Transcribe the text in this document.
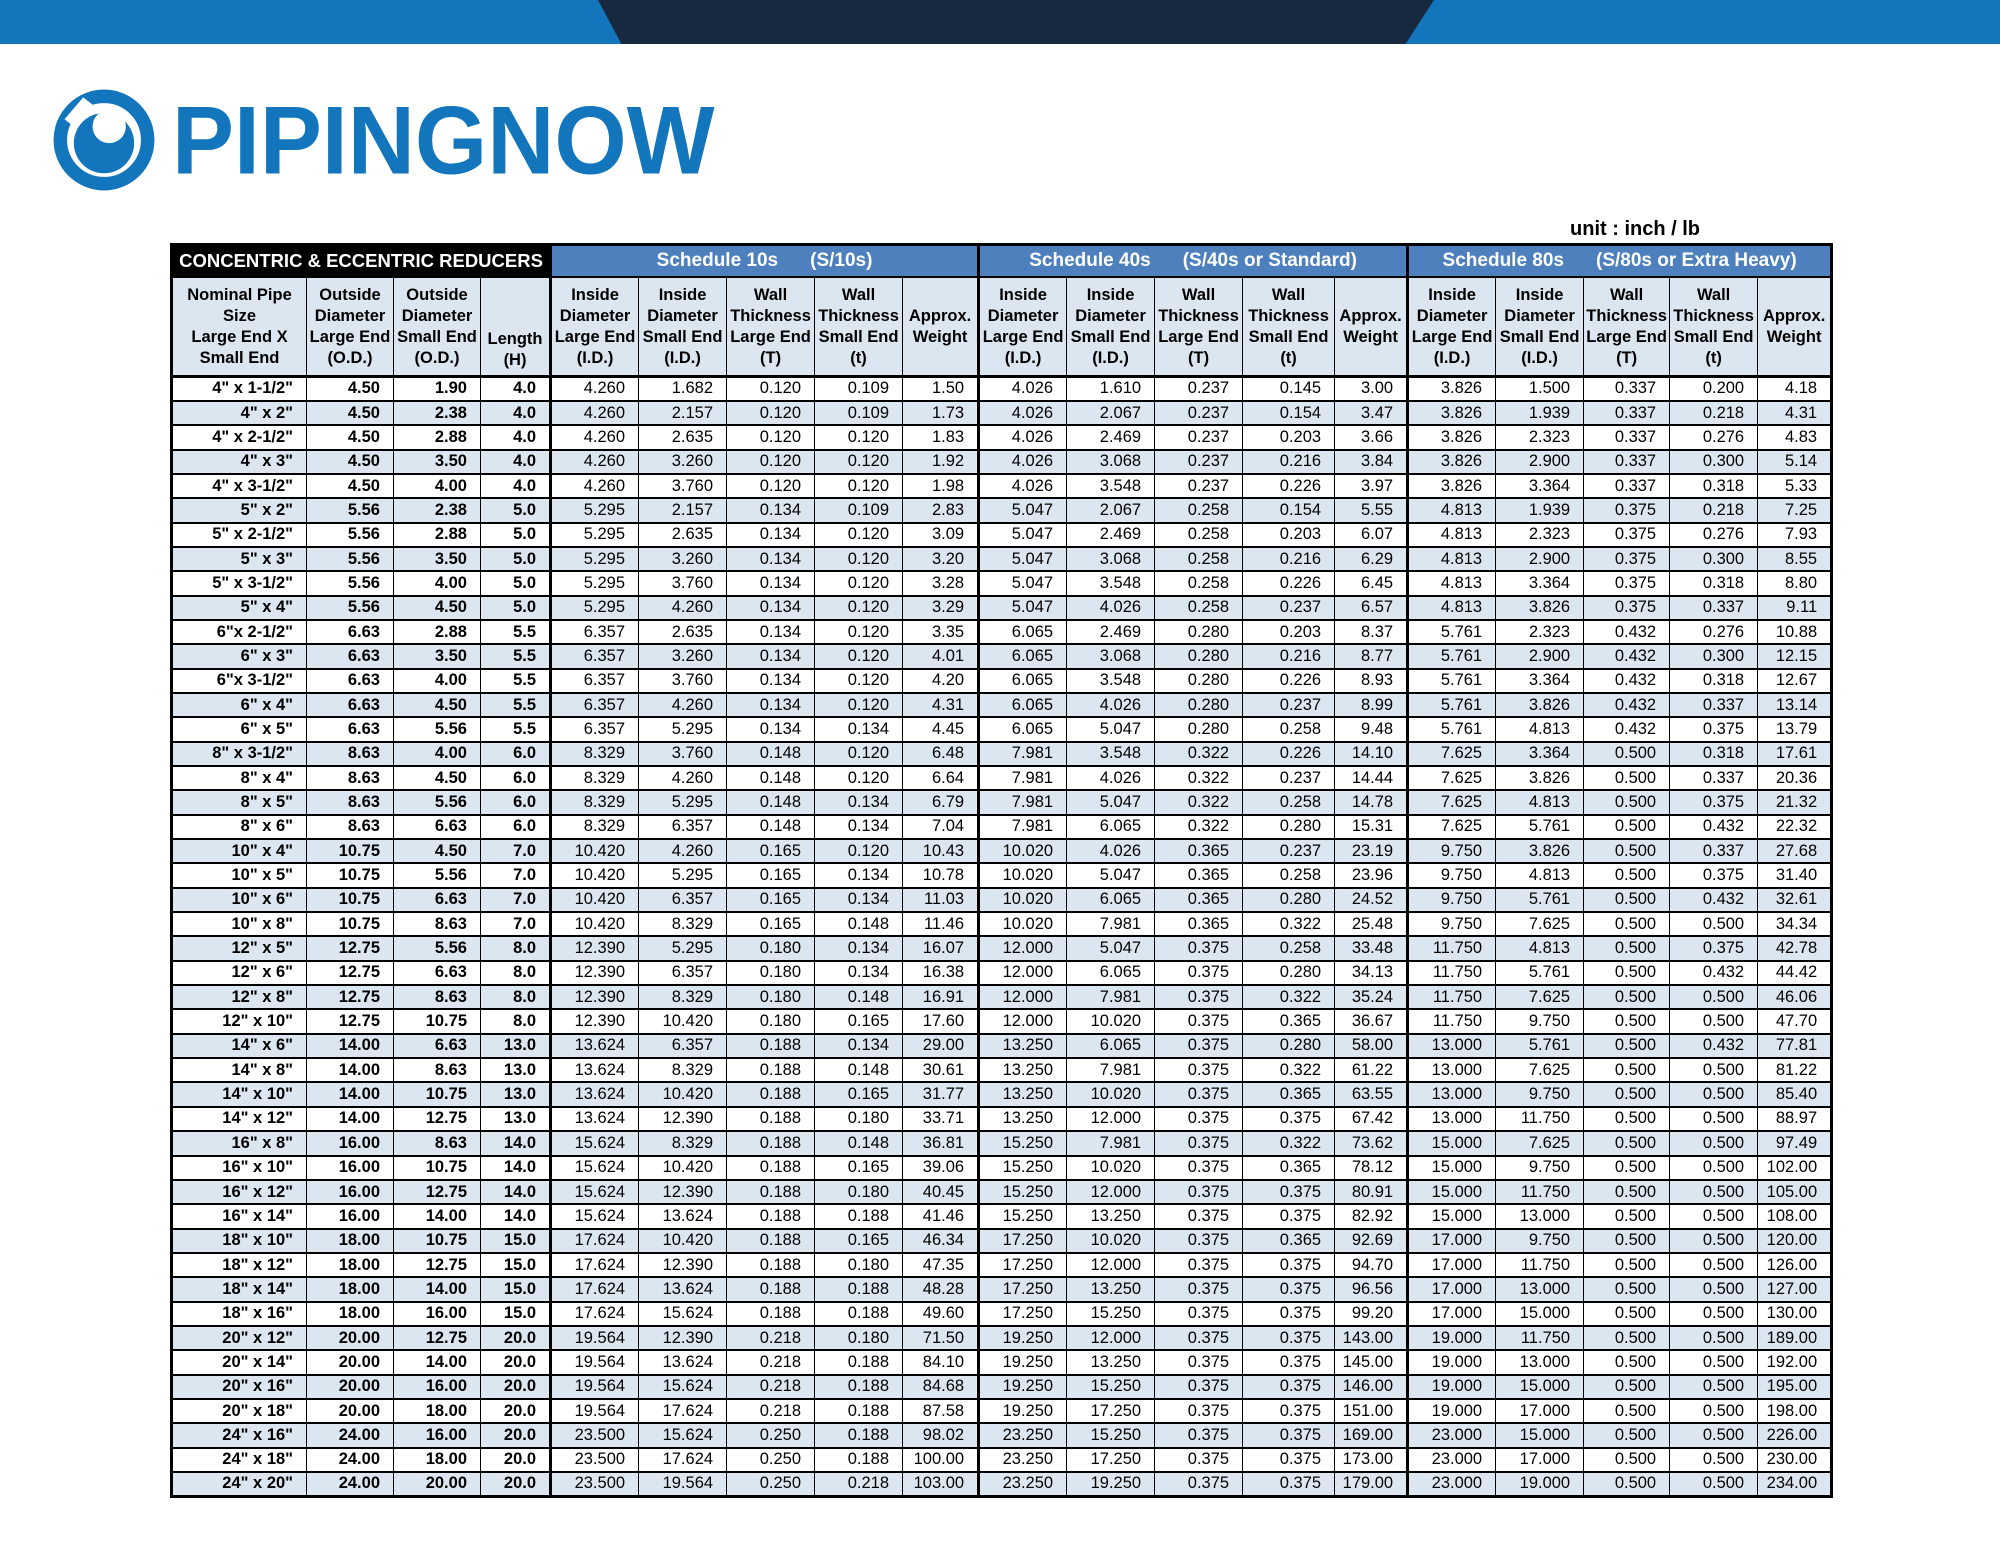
PIPINGNOW
unit : inch / lb
CONCENTRIC & ECCENTRIC REDUCERS				Schedule 10s (S/10s)					Schedule 40s (S/40s or Standard)					Schedule 80s (S/80s or Extra Heavy)				

Nominal Pipe
Size
Large End X
Small End

Outside
Diameter
Large End
(O.D.)

Outside
Diameter
Small End
(O.D.)

Length
(H)

Inside
Diameter
Large End
(I.D.)

Inside
Diameter
Small End
(I.D.)

Wall
Thickness
Large End
(T)

Wall
Thickness
Small End
(t)

Approx.
Weight

Inside
Diameter
Large End
(I.D.)

Inside
Diameter
Small End
(I.D.)

Wall
Thickness
Large End
(T)

Wall
Thickness
Small End
(t)

Approx.
Weight

Inside
Diameter
Large End
(I.D.)

Inside
Diameter
Small End
(I.D.)

Wall
Thickness
Large End
(T)

Wall
Thickness
Small End
(t)

Approx.
Weight

4" x 1-1/2"	4.50	1.90	4.0	4.260	1.682	0.120	0.109	1.50	4.026	1.610	0.237	0.145	3.00	3.826	1.500	0.337	0.200	4.18
4" x 2"	4.50	2.38	4.0	4.260	2.157	0.120	0.109	1.73	4.026	2.067	0.237	0.154	3.47	3.826	1.939	0.337	0.218	4.31
4" x 2-1/2"	4.50	2.88	4.0	4.260	2.635	0.120	0.120	1.83	4.026	2.469	0.237	0.203	3.66	3.826	2.323	0.337	0.276	4.83
4" x 3"	4.50	3.50	4.0	4.260	3.260	0.120	0.120	1.92	4.026	3.068	0.237	0.216	3.84	3.826	2.900	0.337	0.300	5.14
4" x 3-1/2"	4.50	4.00	4.0	4.260	3.760	0.120	0.120	1.98	4.026	3.548	0.237	0.226	3.97	3.826	3.364	0.337	0.318	5.33
5" x 2"	5.56	2.38	5.0	5.295	2.157	0.134	0.109	2.83	5.047	2.067	0.258	0.154	5.55	4.813	1.939	0.375	0.218	7.25
5" x 2-1/2"	5.56	2.88	5.0	5.295	2.635	0.134	0.120	3.09	5.047	2.469	0.258	0.203	6.07	4.813	2.323	0.375	0.276	7.93
5" x 3"	5.56	3.50	5.0	5.295	3.260	0.134	0.120	3.20	5.047	3.068	0.258	0.216	6.29	4.813	2.900	0.375	0.300	8.55
5" x 3-1/2"	5.56	4.00	5.0	5.295	3.760	0.134	0.120	3.28	5.047	3.548	0.258	0.226	6.45	4.813	3.364	0.375	0.318	8.80
5" x 4"	5.56	4.50	5.0	5.295	4.260	0.134	0.120	3.29	5.047	4.026	0.258	0.237	6.57	4.813	3.826	0.375	0.337	9.11
6"x 2-1/2"	6.63	2.88	5.5	6.357	2.635	0.134	0.120	3.35	6.065	2.469	0.280	0.203	8.37	5.761	2.323	0.432	0.276	10.88
6" x 3"	6.63	3.50	5.5	6.357	3.260	0.134	0.120	4.01	6.065	3.068	0.280	0.216	8.77	5.761	2.900	0.432	0.300	12.15
6"x 3-1/2"	6.63	4.00	5.5	6.357	3.760	0.134	0.120	4.20	6.065	3.548	0.280	0.226	8.93	5.761	3.364	0.432	0.318	12.67
6" x 4"	6.63	4.50	5.5	6.357	4.260	0.134	0.120	4.31	6.065	4.026	0.280	0.237	8.99	5.761	3.826	0.432	0.337	13.14
6" x 5"	6.63	5.56	5.5	6.357	5.295	0.134	0.134	4.45	6.065	5.047	0.280	0.258	9.48	5.761	4.813	0.432	0.375	13.79
8" x 3-1/2"	8.63	4.00	6.0	8.329	3.760	0.148	0.120	6.48	7.981	3.548	0.322	0.226	14.10	7.625	3.364	0.500	0.318	17.61
8" x 4"	8.63	4.50	6.0	8.329	4.260	0.148	0.120	6.64	7.981	4.026	0.322	0.237	14.44	7.625	3.826	0.500	0.337	20.36
8" x 5"	8.63	5.56	6.0	8.329	5.295	0.148	0.134	6.79	7.981	5.047	0.322	0.258	14.78	7.625	4.813	0.500	0.375	21.32
8" x 6"	8.63	6.63	6.0	8.329	6.357	0.148	0.134	7.04	7.981	6.065	0.322	0.280	15.31	7.625	5.761	0.500	0.432	22.32
10" x 4"	10.75	4.50	7.0	10.420	4.260	0.165	0.120	10.43	10.020	4.026	0.365	0.237	23.19	9.750	3.826	0.500	0.337	27.68
10" x 5"	10.75	5.56	7.0	10.420	5.295	0.165	0.134	10.78	10.020	5.047	0.365	0.258	23.96	9.750	4.813	0.500	0.375	31.40
10" x 6"	10.75	6.63	7.0	10.420	6.357	0.165	0.134	11.03	10.020	6.065	0.365	0.280	24.52	9.750	5.761	0.500	0.432	32.61
10" x 8"	10.75	8.63	7.0	10.420	8.329	0.165	0.148	11.46	10.020	7.981	0.365	0.322	25.48	9.750	7.625	0.500	0.500	34.34
12" x 5"	12.75	5.56	8.0	12.390	5.295	0.180	0.134	16.07	12.000	5.047	0.375	0.258	33.48	11.750	4.813	0.500	0.375	42.78
12" x 6"	12.75	6.63	8.0	12.390	6.357	0.180	0.134	16.38	12.000	6.065	0.375	0.280	34.13	11.750	5.761	0.500	0.432	44.42
12" x 8"	12.75	8.63	8.0	12.390	8.329	0.180	0.148	16.91	12.000	7.981	0.375	0.322	35.24	11.750	7.625	0.500	0.500	46.06
12" x 10"	12.75	10.75	8.0	12.390	10.420	0.180	0.165	17.60	12.000	10.020	0.375	0.365	36.67	11.750	9.750	0.500	0.500	47.70
14" x 6"	14.00	6.63	13.0	13.624	6.357	0.188	0.134	29.00	13.250	6.065	0.375	0.280	58.00	13.000	5.761	0.500	0.432	77.81
14" x 8"	14.00	8.63	13.0	13.624	8.329	0.188	0.148	30.61	13.250	7.981	0.375	0.322	61.22	13.000	7.625	0.500	0.500	81.22
14" x 10"	14.00	10.75	13.0	13.624	10.420	0.188	0.165	31.77	13.250	10.020	0.375	0.365	63.55	13.000	9.750	0.500	0.500	85.40
14" x 12"	14.00	12.75	13.0	13.624	12.390	0.188	0.180	33.71	13.250	12.000	0.375	0.375	67.42	13.000	11.750	0.500	0.500	88.97
16" x 8"	16.00	8.63	14.0	15.624	8.329	0.188	0.148	36.81	15.250	7.981	0.375	0.322	73.62	15.000	7.625	0.500	0.500	97.49
16" x 10"	16.00	10.75	14.0	15.624	10.420	0.188	0.165	39.06	15.250	10.020	0.375	0.365	78.12	15.000	9.750	0.500	0.500	102.00
16" x 12"	16.00	12.75	14.0	15.624	12.390	0.188	0.180	40.45	15.250	12.000	0.375	0.375	80.91	15.000	11.750	0.500	0.500	105.00
16" x 14"	16.00	14.00	14.0	15.624	13.624	0.188	0.188	41.46	15.250	13.250	0.375	0.375	82.92	15.000	13.000	0.500	0.500	108.00
18" x 10"	18.00	10.75	15.0	17.624	10.420	0.188	0.165	46.34	17.250	10.020	0.375	0.365	92.69	17.000	9.750	0.500	0.500	120.00
18" x 12"	18.00	12.75	15.0	17.624	12.390	0.188	0.180	47.35	17.250	12.000	0.375	0.375	94.70	17.000	11.750	0.500	0.500	126.00
18" x 14"	18.00	14.00	15.0	17.624	13.624	0.188	0.188	48.28	17.250	13.250	0.375	0.375	96.56	17.000	13.000	0.500	0.500	127.00
18" x 16"	18.00	16.00	15.0	17.624	15.624	0.188	0.188	49.60	17.250	15.250	0.375	0.375	99.20	17.000	15.000	0.500	0.500	130.00
20" x 12"	20.00	12.75	20.0	19.564	12.390	0.218	0.180	71.50	19.250	12.000	0.375	0.375	143.00	19.000	11.750	0.500	0.500	189.00
20" x 14"	20.00	14.00	20.0	19.564	13.624	0.218	0.188	84.10	19.250	13.250	0.375	0.375	145.00	19.000	13.000	0.500	0.500	192.00
20" x 16"	20.00	16.00	20.0	19.564	15.624	0.218	0.188	84.68	19.250	15.250	0.375	0.375	146.00	19.000	15.000	0.500	0.500	195.00
20" x 18"	20.00	18.00	20.0	19.564	17.624	0.218	0.188	87.58	19.250	17.250	0.375	0.375	151.00	19.000	17.000	0.500	0.500	198.00
24" x 16"	24.00	16.00	20.0	23.500	15.624	0.250	0.188	98.02	23.250	15.250	0.375	0.375	169.00	23.000	15.000	0.500	0.500	226.00
24" x 18"	24.00	18.00	20.0	23.500	17.624	0.250	0.188	100.00	23.250	17.250	0.375	0.375	173.00	23.000	17.000	0.500	0.500	230.00
24" x 20"	24.00	20.00	20.0	23.500	19.564	0.250	0.218	103.00	23.250	19.250	0.375	0.375	179.00	23.000	19.000	0.500	0.500	234.00
